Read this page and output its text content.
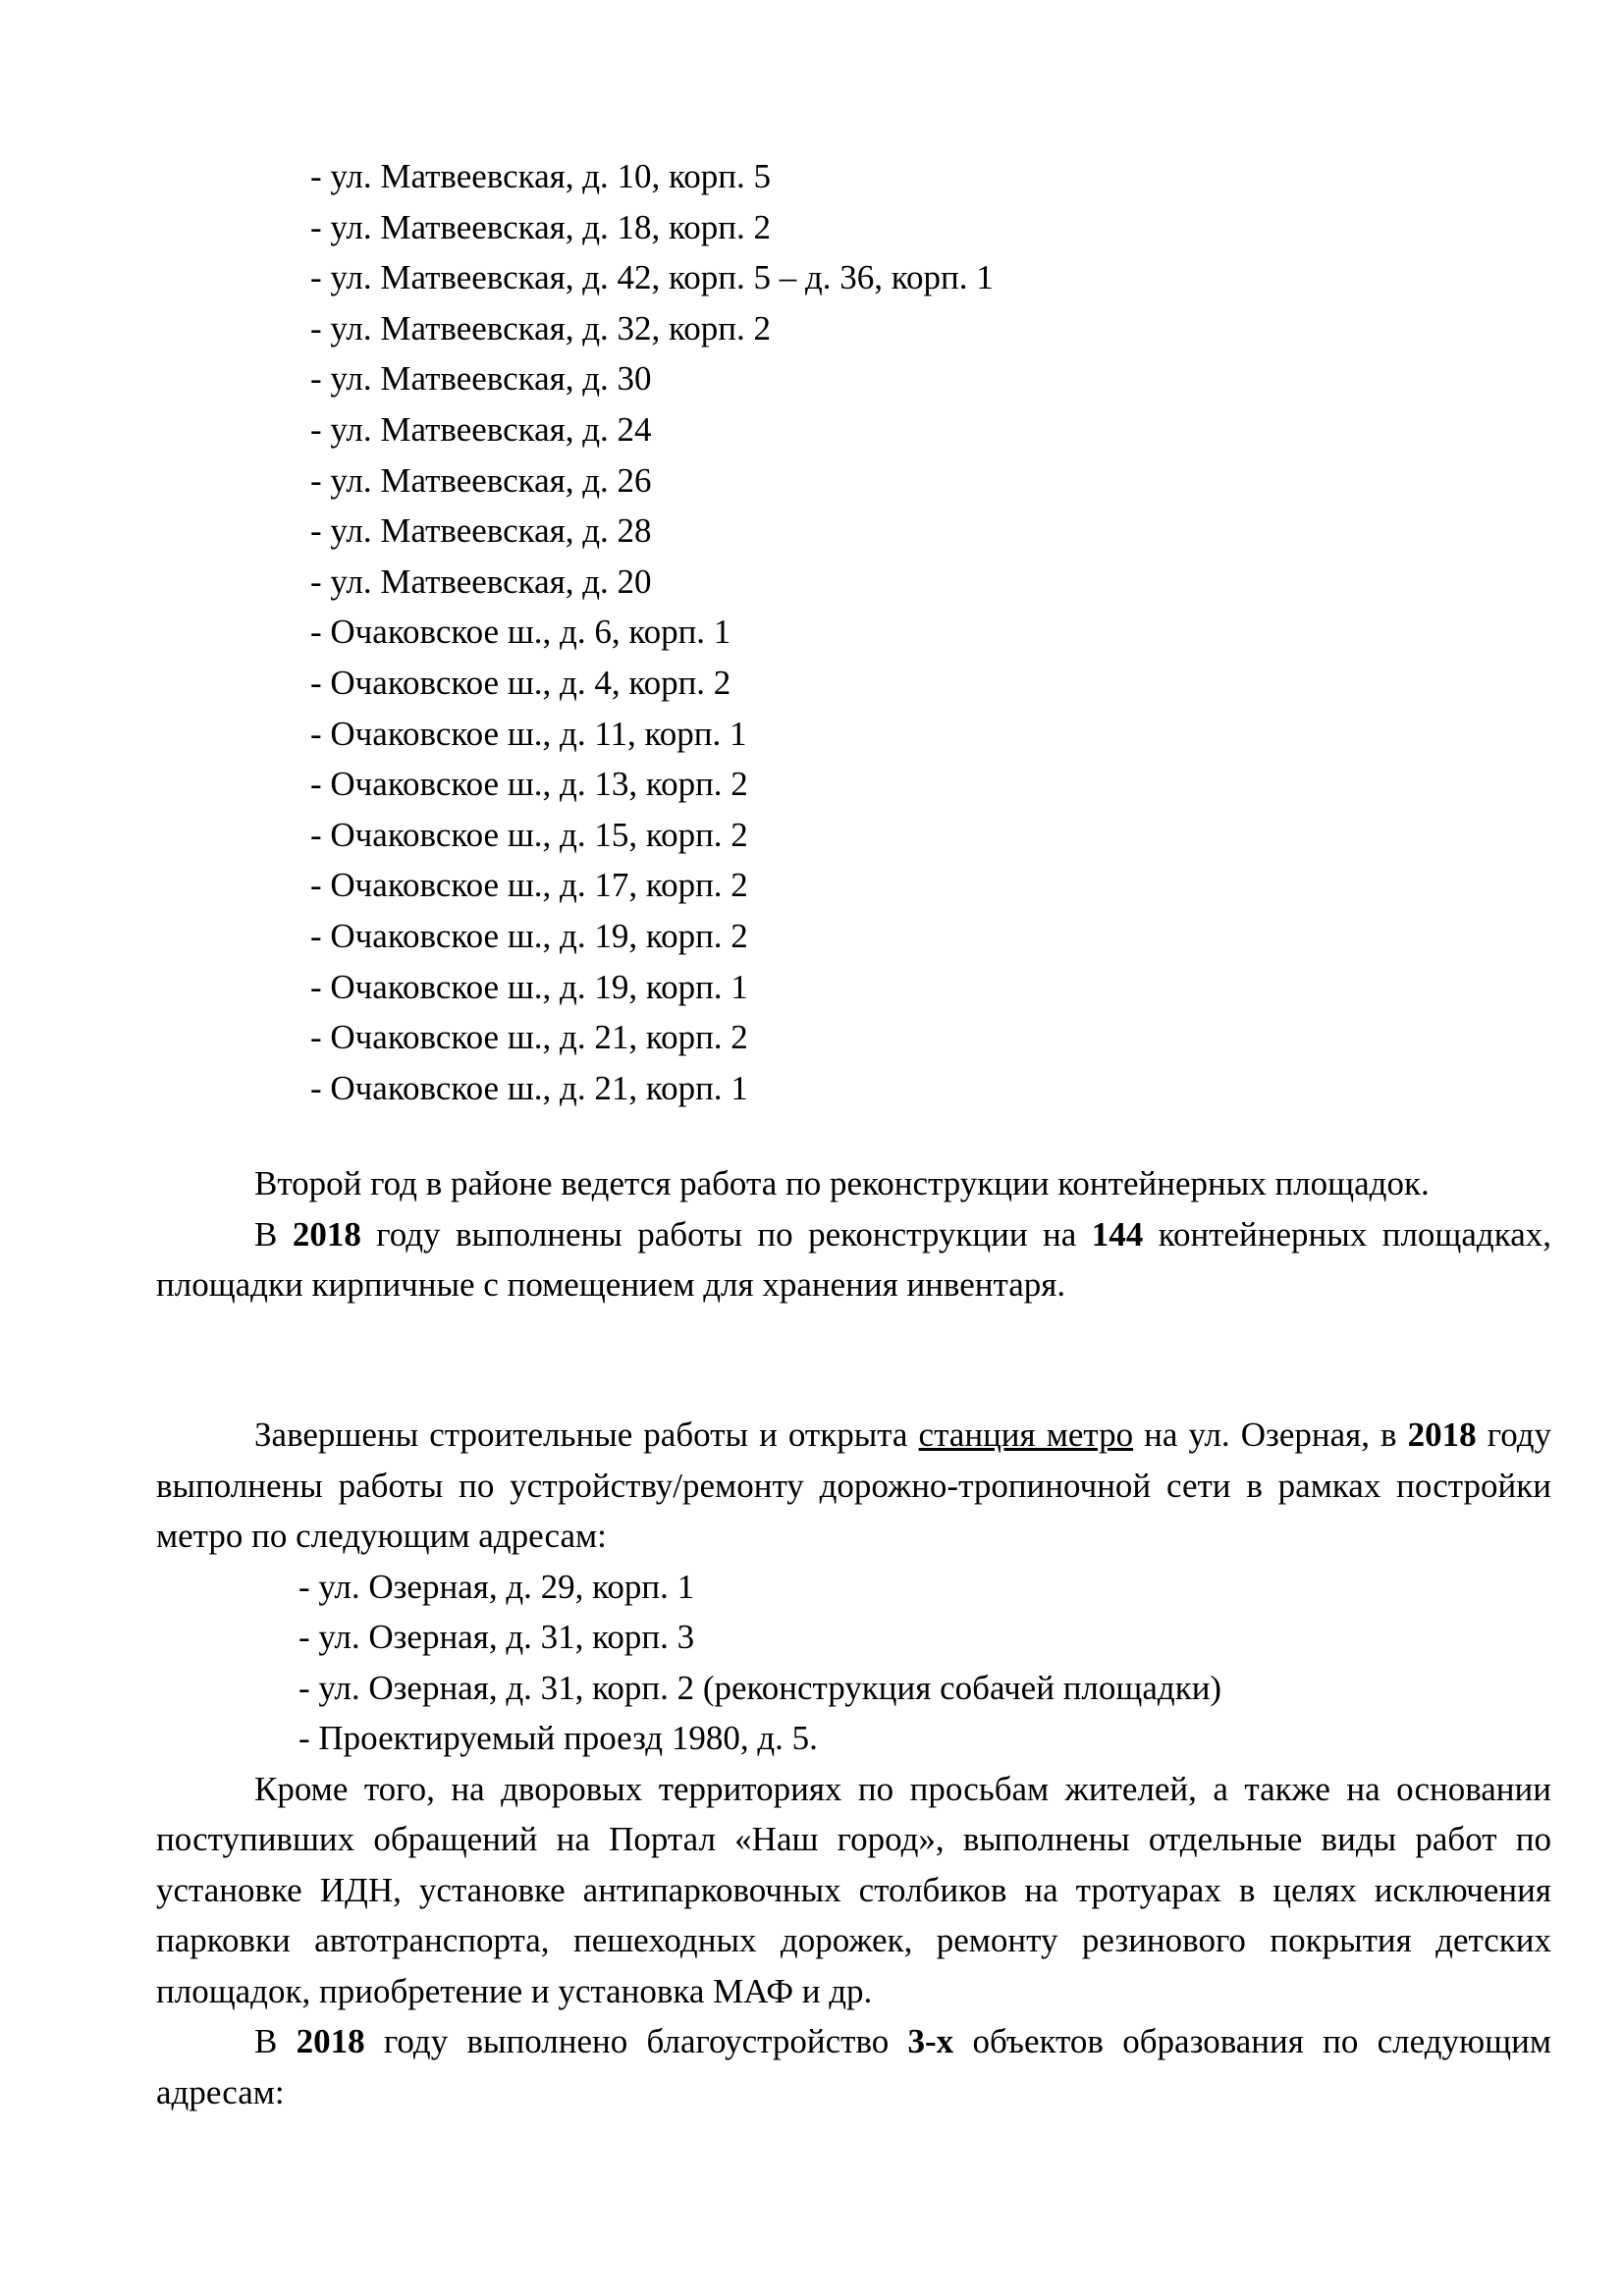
- ул. Матвеевская, д. 10, корп. 5
- ул. Матвеевская, д. 18, корп. 2
- ул. Матвеевская, д. 42, корп. 5 – д. 36, корп. 1
- ул. Матвеевская, д. 32, корп. 2
- ул. Матвеевская, д. 30
- ул. Матвеевская, д. 24
- ул. Матвеевская, д. 26
- ул. Матвеевская, д. 28
- ул. Матвеевская, д. 20
- Очаковское ш., д. 6, корп. 1
- Очаковское ш., д. 4, корп. 2
- Очаковское ш., д. 11, корп. 1
- Очаковское ш., д. 13, корп. 2
- Очаковское ш., д. 15, корп. 2
- Очаковское ш., д. 17, корп. 2
- Очаковское ш., д. 19, корп. 2
- Очаковское ш., д. 19, корп. 1
- Очаковское ш., д. 21, корп. 2
- Очаковское ш., д. 21, корп. 1

Второй год в районе ведется работа по реконструкции контейнерных площадок.

В 2018 году выполнены работы по реконструкции на 144 контейнерных площадках, площадки кирпичные с помещением для хранения инвентаря.

Завершены строительные работы и открыта станция метро на ул. Озерная, в 2018 году выполнены работы по устройству/ремонту дорожно-тропиночной сети в рамках постройки метро по следующим адресам:

- ул. Озерная, д. 29, корп. 1
- ул. Озерная, д. 31, корп. 3
- ул. Озерная, д. 31, корп. 2 (реконструкция собачей площадки)
- Проектируемый проезд 1980, д. 5.

Кроме того, на дворовых территориях по просьбам жителей, а также на основании поступивших обращений на Портал «Наш город», выполнены отдельные виды работ по установке ИДН, установке антипарковочных столбиков на тротуарах в целях исключения парковки автотранспорта, пешеходных дорожек, ремонту резинового покрытия детских площадок, приобретение и установка МАФ и др.

В 2018 году выполнено благоустройство 3-х объектов образования по следующим адресам:
